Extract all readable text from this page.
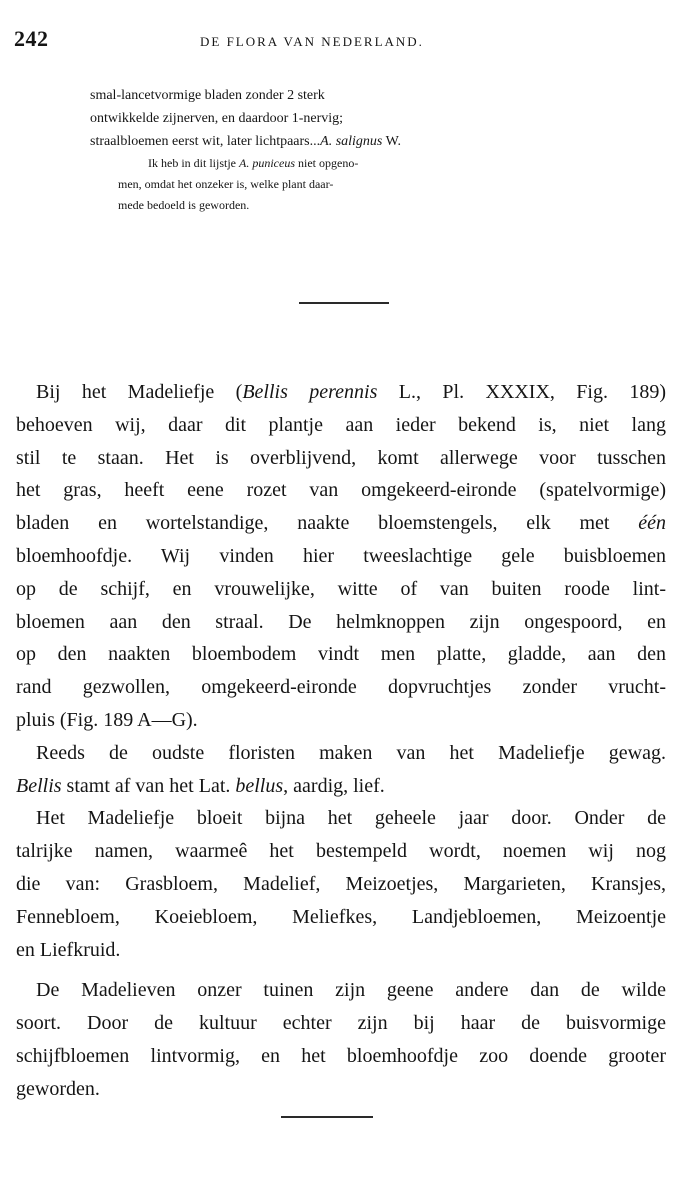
242	DE FLORA VAN NEDERLAND.
smal-lancetvormige bladen zonder 2 sterk
ontwikkelde zijnerven, en daardoor 1-nervig;
straalbloemen eerst wit, later lichtpaars...A. salignus W.
Ik heb in dit lijstje A. puniceus niet opgeno-
men, omdat het onzeker is, welke plant daar-
mede bedoeld is geworden.
Bij het Madeliefje (Bellis perennis L., Pl. XXXIX, Fig. 189)
behoeven wij, daar dit plantje aan ieder bekend is, niet lang
stil te staan. Het is overblijvend, komt allerwege voor tusschen
het gras, heeft eene rozet van omgekeerd-eironde (spatelvormige)
bladen en wortelstandige, naakte bloemstengels, elk met één
bloemhoofdje. Wij vinden hier tweeslachtige gele buisbloemen
op de schijf, en vrouwelijke, witte of van buiten roode lint-
bloemen aan den straal. De helmknoppen zijn ongespoord, en
op den naakten bloembodem vindt men platte, gladde, aan den
rand gezwollen, omgekeerd-eironde dopvruchtjes zonder vrucht-
pluis (Fig. 189 A—G).
Reeds de oudste floristen maken van het Madeliefje gewag.
Bellis stamt af van het Lat. bellus, aardig, lief.
Het Madeliefje bloeit bijna het geheele jaar door. Onder de
talrijke namen, waarmeê het bestempeld wordt, noemen wij nog
die van: Grasbloem, Madelief, Meizoetjes, Margarieten, Kransjes,
Fennebloem, Koeiebloem, Meliefkes, Landjebloemen, Meizoentje
en Liefkruid.
De Madelieven onzer tuinen zijn geene andere dan de wilde
soort. Door de kultuur echter zijn bij haar de buisvormige
schijfbloemen lintvormig, en het bloemhoofdje zoo doende grooter
geworden.
